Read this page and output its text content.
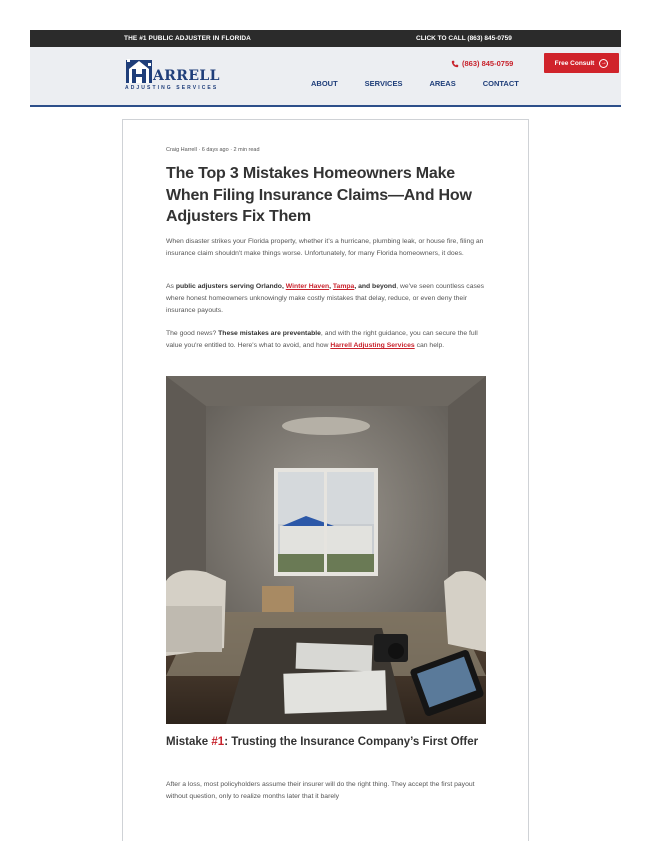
THE #1 PUBLIC ADJUSTER IN FLORIDA	CLICK TO CALL (863) 845-0759
ARRELL
ADJUSTING SERVICES
(863) 845-0759
ABOUT	SERVICES	AREAS	CONTACT
Free Consult →
Craig Harrell · 6 days ago · 2 min read
The Top 3 Mistakes Homeowners Make When Filing Insurance Claims—And How Adjusters Fix Them

When disaster strikes your Florida property, whether it’s a hurricane, plumbing leak, or house fire, filing an insurance claim shouldn't make things worse. Unfortunately, for many Florida homeowners, it does.

As public adjusters serving Orlando, Winter Haven, Tampa, and beyond, we've seen countless cases where honest homeowners unknowingly make costly mistakes that delay, reduce, or even deny their insurance payouts.

The good news? These mistakes are preventable, and with the right guidance, you can secure the full value you're entitled to. Here's what to avoid, and how Harrell Adjusting Services can help.

Mistake #1: Trusting the Insurance Company’s First Offer

After a loss, most policyholders assume their insurer will do the right thing. They accept the first payout without question, only to realize months later that it barely
